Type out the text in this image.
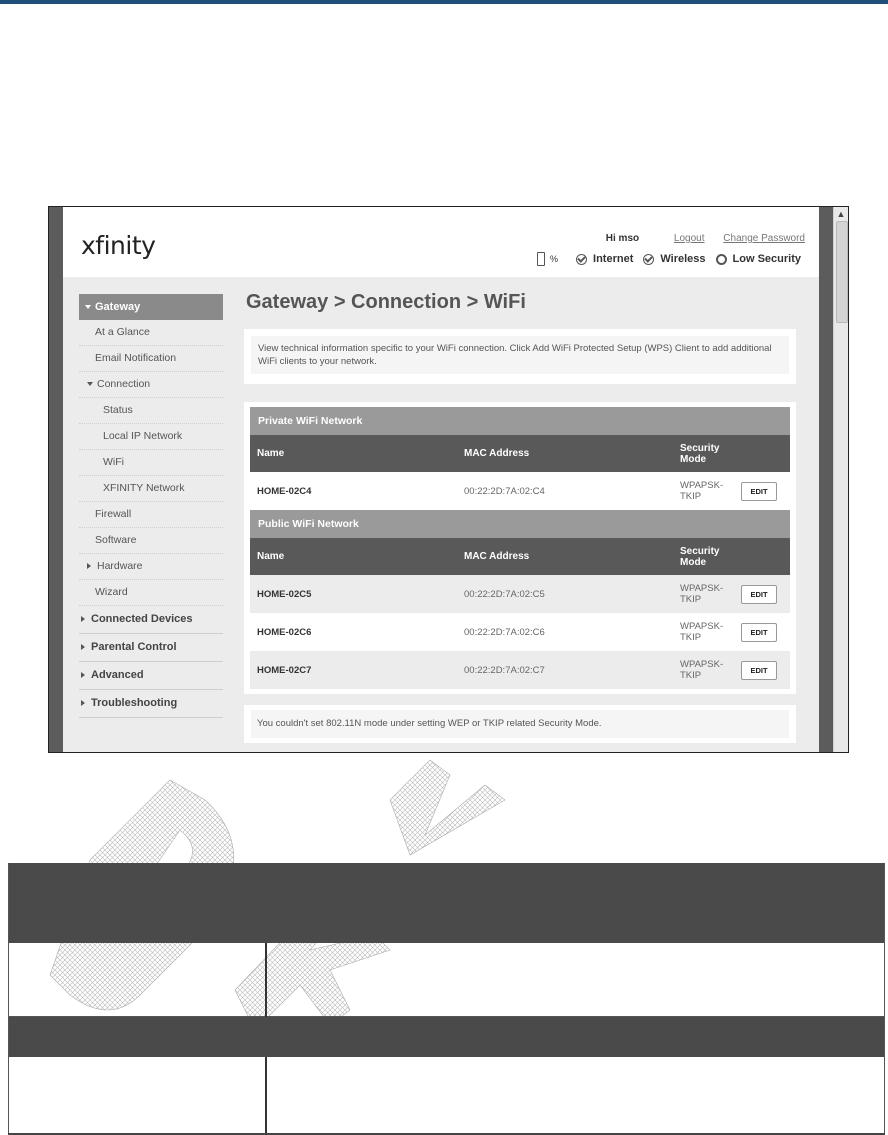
xfinity	Hi mso	Logout Change Password
%	Internet Wireless Low Security
Gateway
At a Glance
Email Notification
Connection
Status
Local IP Network
WiFi
XFINITY Network
Firewall
Software
Hardware
Wizard
Connected Devices
Parental Control
Advanced
Troubleshooting
Gateway > Connection > WiFi
View technical information specific to your WiFi connection. Click Add WiFi Protected Setup (WPS) Client to add additional WiFi clients to your network.
Private WiFi Network
Name	MAC Address	Security Mode
HOME-02C4	00:22:2D:7A:02:C4	WPAPSK-TKIP	EDIT
Public WiFi Network
Name	MAC Address	Security Mode
HOME-02C5	00:22:2D:7A:02:C5	WPAPSK-TKIP	EDIT
HOME-02C6	00:22:2D:7A:02:C6	WPAPSK-TKIP	EDIT
HOME-02C7	00:22:2D:7A:02:C7	WPAPSK-TKIP	EDIT
You couldn't set 802.11N mode under setting WEP or TKIP related Security Mode.
▲
